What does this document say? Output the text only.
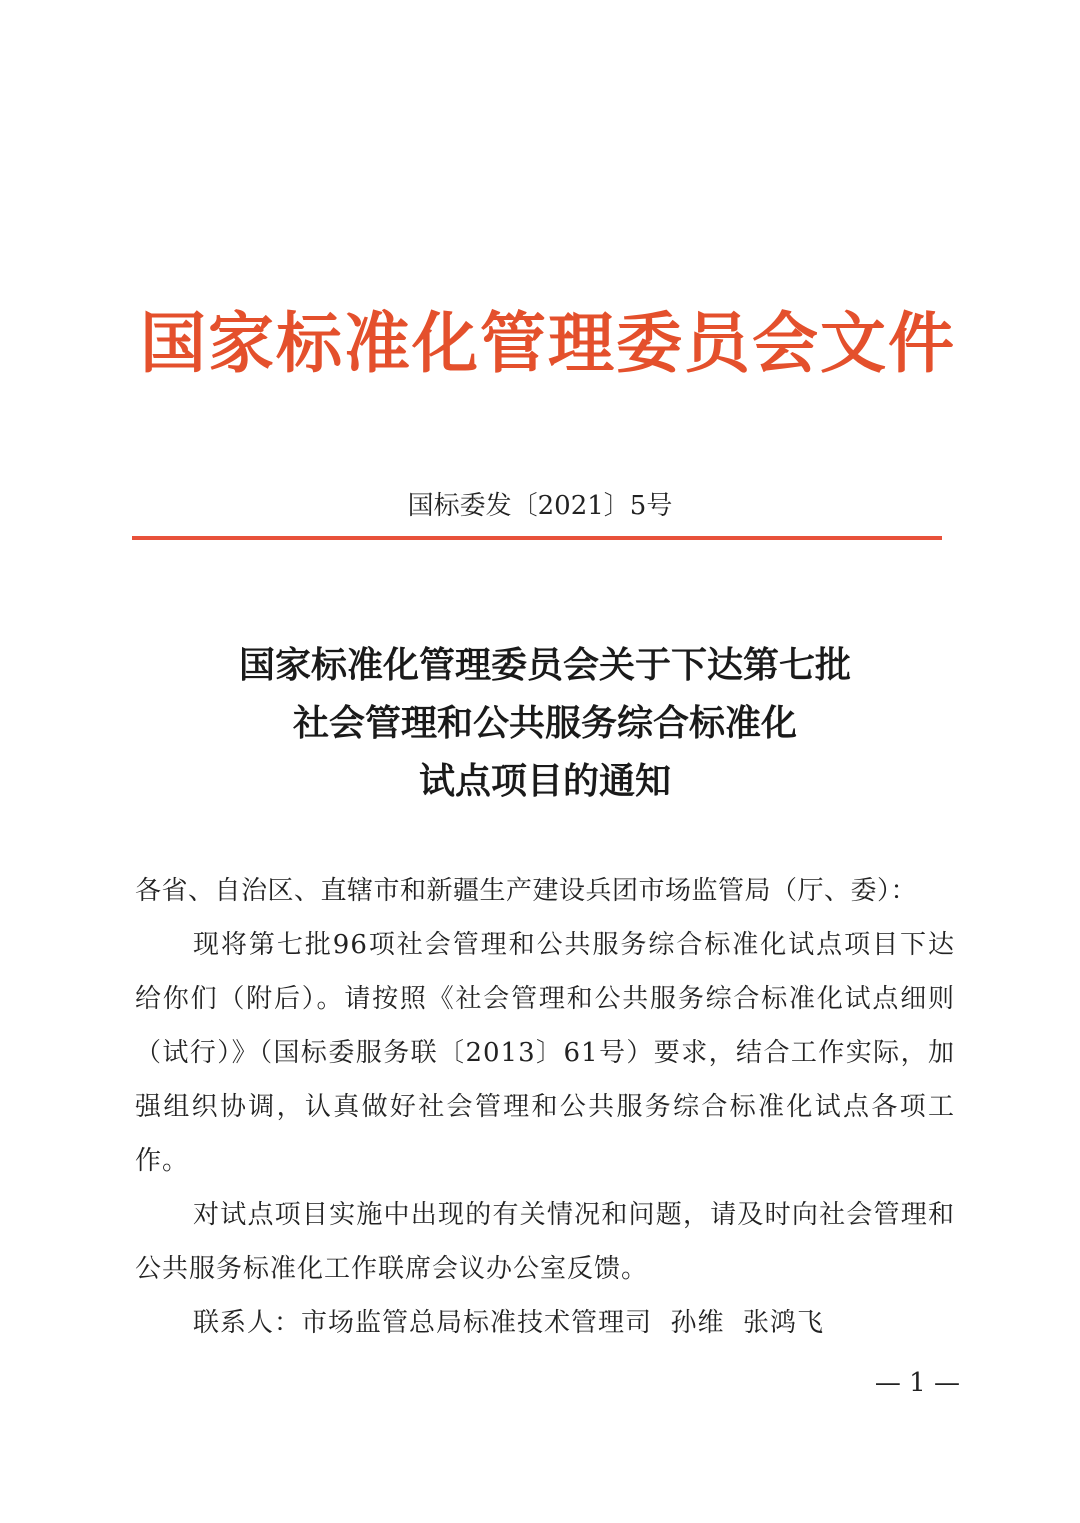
国家标准化管理委员会文件
国标委发〔2021〕5号
国家标准化管理委员会关于下达第七批
社会管理和公共服务综合标准化
试点项目的通知

各省、自治区、直辖市和新疆生产建设兵团市场监管局（厅、委）：

现将第七批96项社会管理和公共服务综合标准化试点项目下达给你们（附后）。请按照《社会管理和公共服务综合标准化试点细则（试行）》（国标委服务联〔2013〕61号）要求，结合工作实际，加强组织协调，认真做好社会管理和公共服务综合标准化试点各项工作。

对试点项目实施中出现的有关情况和问题，请及时向社会管理和公共服务标准化工作联席会议办公室反馈。

联系人：市场监管总局标准技术管理司  孙维  张鸿飞

— 1 —
